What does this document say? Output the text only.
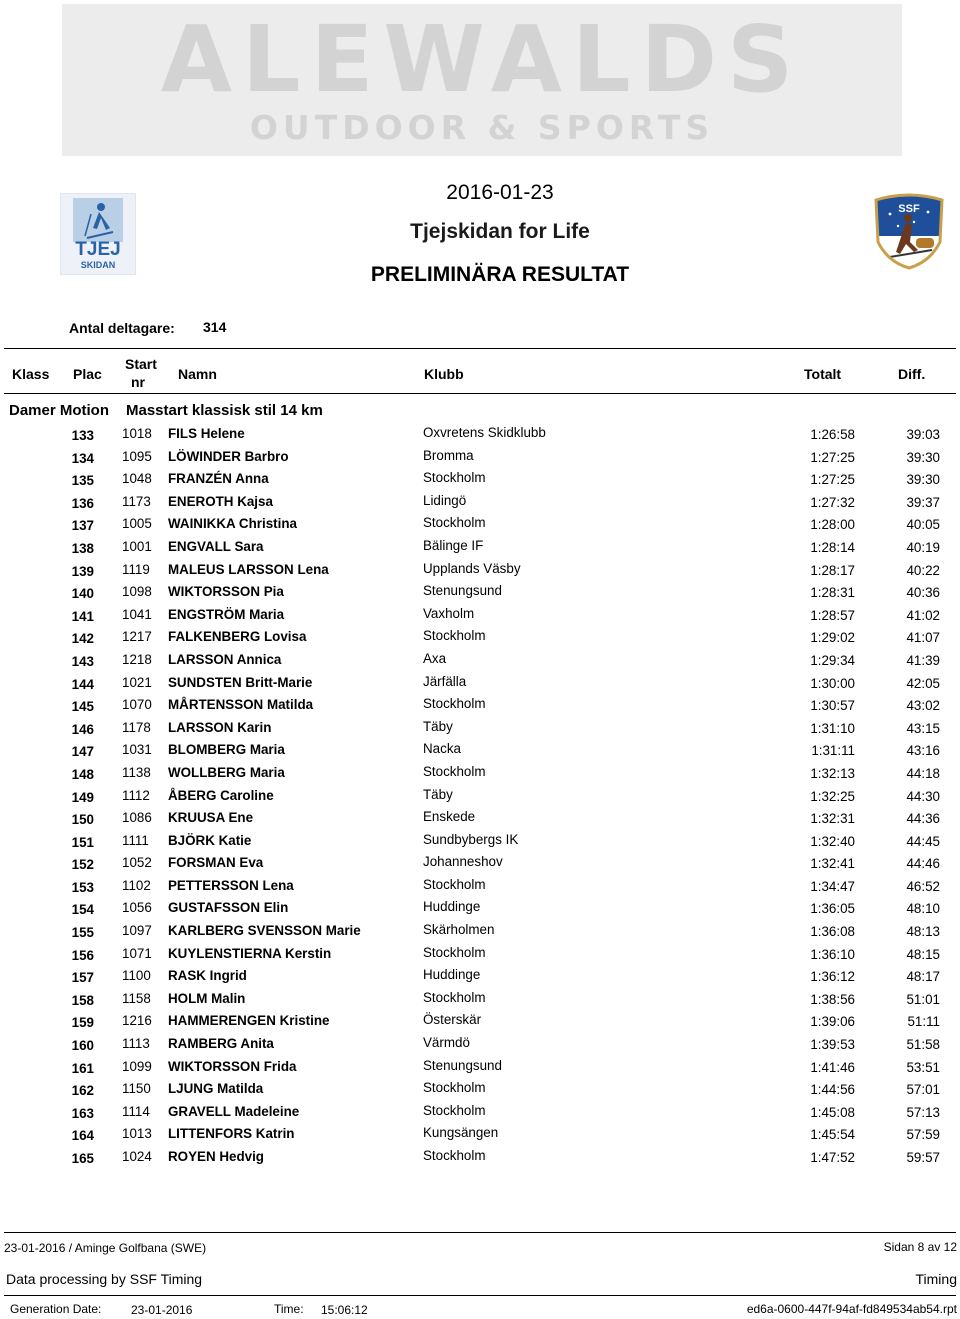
ALEWALDS
OUTDOOR & SPORTS
TJEJ
SKIDAN
SSF
2016-01-23
Tjejskidan for Life
PRELIMINÄRA RESULTAT
Antal deltagare: 314
Klass Plac
Start
nr Namn	Klubb	Totalt	Diff.
Damer Motion Masstart klassisk stil 14 km
133 1018 FILS Helene	Oxvretens Skidklubb	1:26:58	39:03
134 1095 LÖWINDER Barbro	Bromma	1:27:25	39:30
135 1048 FRANZÉN Anna	Stockholm	1:27:25	39:30
136 1173 ENEROTH Kajsa	Lidingö	1:27:32	39:37
137 1005 WAINIKKA Christina	Stockholm	1:28:00	40:05
138 1001 ENGVALL Sara	Bälinge IF	1:28:14	40:19
139 1119 MALEUS LARSSON Lena	Upplands Väsby	1:28:17	40:22
140 1098 WIKTORSSON Pia	Stenungsund	1:28:31	40:36
141 1041 ENGSTRÖM Maria	Vaxholm	1:28:57	41:02
142 1217 FALKENBERG Lovisa	Stockholm	1:29:02	41:07
143 1218 LARSSON Annica	Axa	1:29:34	41:39
144 1021 SUNDSTEN Britt-Marie	Järfälla	1:30:00	42:05
145 1070 MÅRTENSSON Matilda	Stockholm	1:30:57	43:02
146 1178 LARSSON Karin	Täby	1:31:10	43:15
147 1031 BLOMBERG Maria	Nacka	1:31:11	43:16
148 1138 WOLLBERG Maria	Stockholm	1:32:13	44:18
149 1112 ÅBERG Caroline	Täby	1:32:25	44:30
150 1086 KRUUSA Ene	Enskede	1:32:31	44:36
151 1111 BJÖRK Katie	Sundbybergs IK	1:32:40	44:45
152 1052 FORSMAN Eva	Johanneshov	1:32:41	44:46
153 1102 PETTERSSON Lena	Stockholm	1:34:47	46:52
154 1056 GUSTAFSSON Elin	Huddinge	1:36:05	48:10
155 1097 KARLBERG SVENSSON Marie	Skärholmen	1:36:08	48:13
156 1071 KUYLENSTIERNA Kerstin	Stockholm	1:36:10	48:15
157 1100 RASK Ingrid	Huddinge	1:36:12	48:17
158 1158 HOLM Malin	Stockholm	1:38:56	51:01
159 1216 HAMMERENGEN Kristine	Österskär	1:39:06	51:11
160 1113 RAMBERG Anita	Värmdö	1:39:53	51:58
161 1099 WIKTORSSON Frida	Stenungsund	1:41:46	53:51
162 1150 LJUNG Matilda	Stockholm	1:44:56	57:01
163 1114 GRAVELL Madeleine	Stockholm	1:45:08	57:13
164 1013 LITTENFORS Katrin	Kungsängen	1:45:54	57:59
165 1024 ROYEN Hedvig	Stockholm	1:47:52	59:57
23-01-2016 / Aminge Golfbana (SWE)	Sidan 8 av 12
Data processing by SSF Timing	Timing
Generation Date: 23-01-2016	Time: 15:06:12	ed6a-0600-447f-94af-fd849534ab54.rpt
